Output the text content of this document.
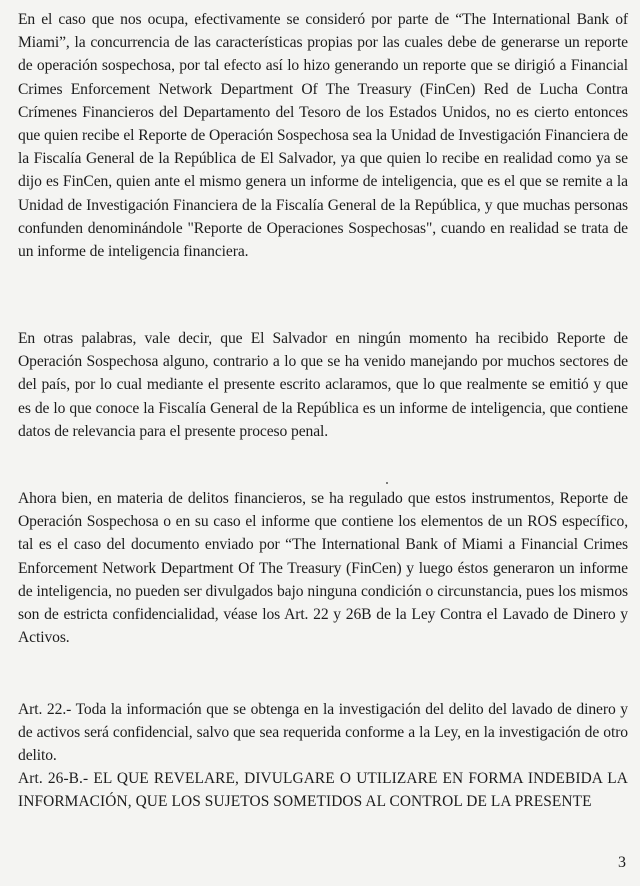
En el caso que nos ocupa, efectivamente se consideró por parte de “The International Bank of Miami”, la concurrencia de las características propias por las cuales debe de generarse un reporte de operación sospechosa, por tal efecto así lo hizo generando un reporte que se dirigió a Financial Crimes Enforcement Network Department Of The Treasury (FinCen) Red de Lucha Contra Crímenes Financieros del Departamento del Tesoro de los Estados Unidos, no es cierto entonces que quien recibe el Reporte de Operación Sospechosa sea la Unidad de Investigación Financiera de la Fiscalía General de la República de El Salvador, ya que quien lo recibe en realidad como ya se dijo es FinCen, quien ante el mismo genera un informe de inteligencia, que es el que se remite a la Unidad de Investigación Financiera de la Fiscalía General de la República, y que muchas personas confunden denominándole "Reporte de Operaciones Sospechosas", cuando en realidad se trata de un informe de inteligencia financiera.

En otras palabras, vale decir, que El Salvador en ningún momento ha recibido Reporte de Operación Sospechosa alguno, contrario a lo que se ha venido manejando por muchos sectores de del país, por lo cual mediante el presente escrito aclaramos, que lo que realmente se emitió y que es de lo que conoce la Fiscalía General de la República es un informe de inteligencia, que contiene datos de relevancia para el presente proceso penal.

Ahora bien, en materia de delitos financieros, se ha regulado que estos instrumentos, Reporte de Operación Sospechosa o en su caso el informe que contiene los elementos de un ROS específico, tal es el caso del documento enviado por “The International Bank of Miami a Financial Crimes Enforcement Network Department Of The Treasury (FinCen) y luego éstos generaron un informe de inteligencia, no pueden ser divulgados bajo ninguna condición o circunstancia, pues los mismos son de estricta confidencialidad, véase los Art. 22 y 26B de la Ley Contra el Lavado de Dinero y Activos.

Art. 22.- Toda la información que se obtenga en la investigación del delito del lavado de dinero y de activos será confidencial, salvo que sea requerida conforme a la Ley, en la investigación de otro delito.

Art. 26-B.- EL QUE REVELARE, DIVULGARE O UTILIZARE EN FORMA INDEBIDA LA INFORMACIÓN, QUE LOS SUJETOS SOMETIDOS AL CONTROL DE LA PRESENTE

3
